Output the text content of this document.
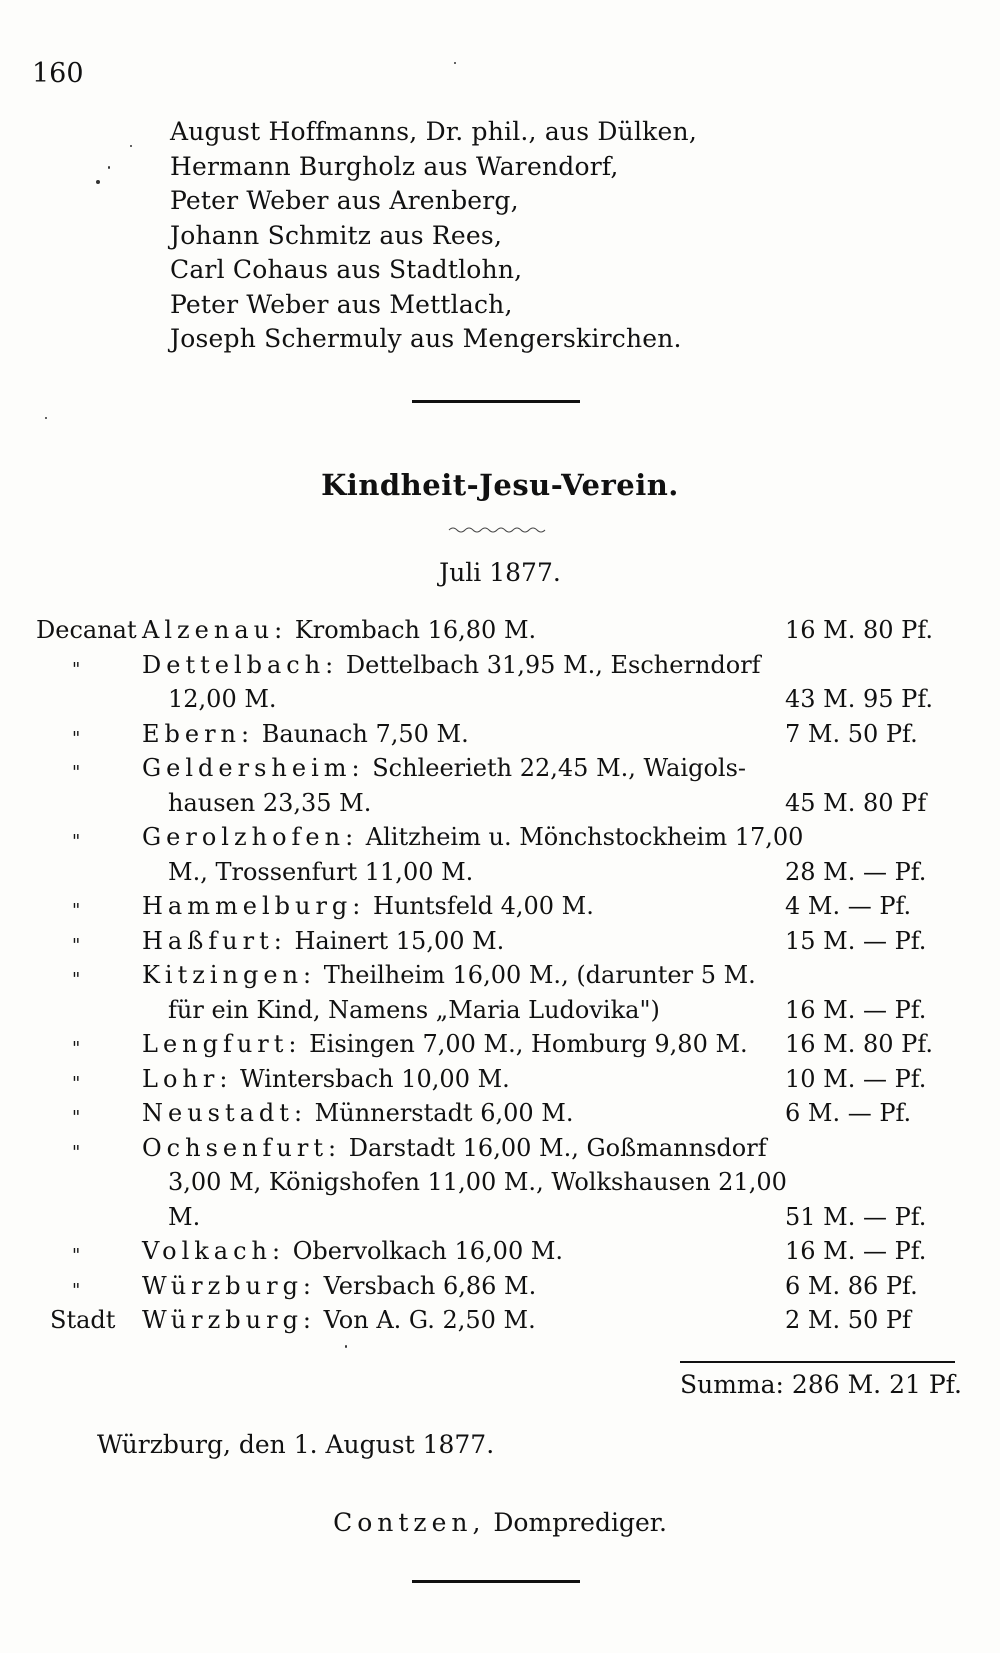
160
August Hoffmanns, Dr. phil., aus Dülken,
Hermann Burgholz aus Warendorf,
Peter Weber aus Arenberg,
Johann Schmitz aus Rees,
Carl Cohaus aus Stadtlohn,
Peter Weber aus Mettlach,
Joseph Schermuly aus Mengerskirchen.
Kindheit-Jesu-Verein.
Juli 1877.
Decanat Alzenau: Krombach 16,80 M.	16 M. 80 Pf.
"	Dettelbach: Dettelbach 31,95 M., Escherndorf
12,00 M.	43 M. 95 Pf.
"	Ebern: Baunach 7,50 M.	7 M. 50 Pf.
"	Geldersheim: Schleerieth 22,45 M., Waigols-
hausen 23,35 M.	45 M. 80 Pf
"	Gerolzhofen: Alitzheim u. Mönchstockheim 17,00
M., Trossenfurt 11,00 M.	28 M. — Pf.
"	Hammelburg: Huntsfeld 4,00 M.	4 M. — Pf.
"	Haßfurt: Hainert 15,00 M.	15 M. — Pf.
"	Kitzingen: Theilheim 16,00 M., (darunter 5 M.
für ein Kind, Namens „Maria Ludovika")	16 M. — Pf.
"	Lengfurt: Eisingen 7,00 M., Homburg 9,80 M. 16 M. 80 Pf.
"	Lohr: Wintersbach 10,00 M.	10 M. — Pf.
"	Neustadt: Münnerstadt 6,00 M.	6 M. — Pf.
"	Ochsenfurt: Darstadt 16,00 M., Goßmannsdorf
3,00 M, Königshofen 11,00 M., Wolkshausen 21,00
M.	51 M. — Pf.
"	Volkach: Obervolkach 16,00 M.	16 M. — Pf.
"	Würzburg: Versbach 6,86 M.	6 M. 86 Pf.
Stadt	Würzburg: Von A. G. 2,50 M.	2 M. 50 Pf
Summa: 286 M. 21 Pf.
Würzburg, den 1. August 1877.
Contzen, Domprediger.
